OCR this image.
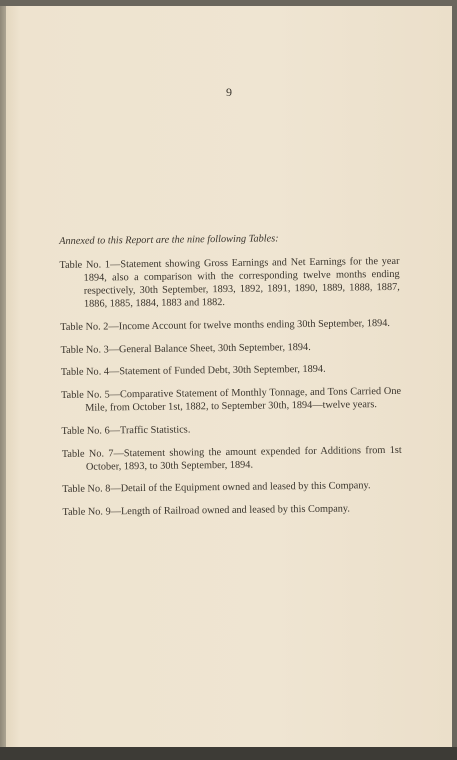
9

Annexed to this Report are the nine following Tables:

Table No. 1—Statement showing Gross Earnings and Net Earnings for the year 1894, also a comparison with the corresponding twelve months ending respectively, 30th September, 1893, 1892, 1891, 1890, 1889, 1888, 1887, 1886, 1885, 1884, 1883 and 1882.

Table No. 2—Income Account for twelve months ending 30th September, 1894.

Table No. 3—General Balance Sheet, 30th September, 1894.

Table No. 4—Statement of Funded Debt, 30th September, 1894.

Table No. 5—Comparative Statement of Monthly Tonnage, and Tons Carried One Mile, from October 1st, 1882, to September 30th, 1894—twelve years.

Table No. 6—Traffic Statistics.

Table No. 7—Statement showing the amount expended for Additions from 1st October, 1893, to 30th September, 1894.

Table No. 8—Detail of the Equipment owned and leased by this Company.

Table No. 9—Length of Railroad owned and leased by this Company.
